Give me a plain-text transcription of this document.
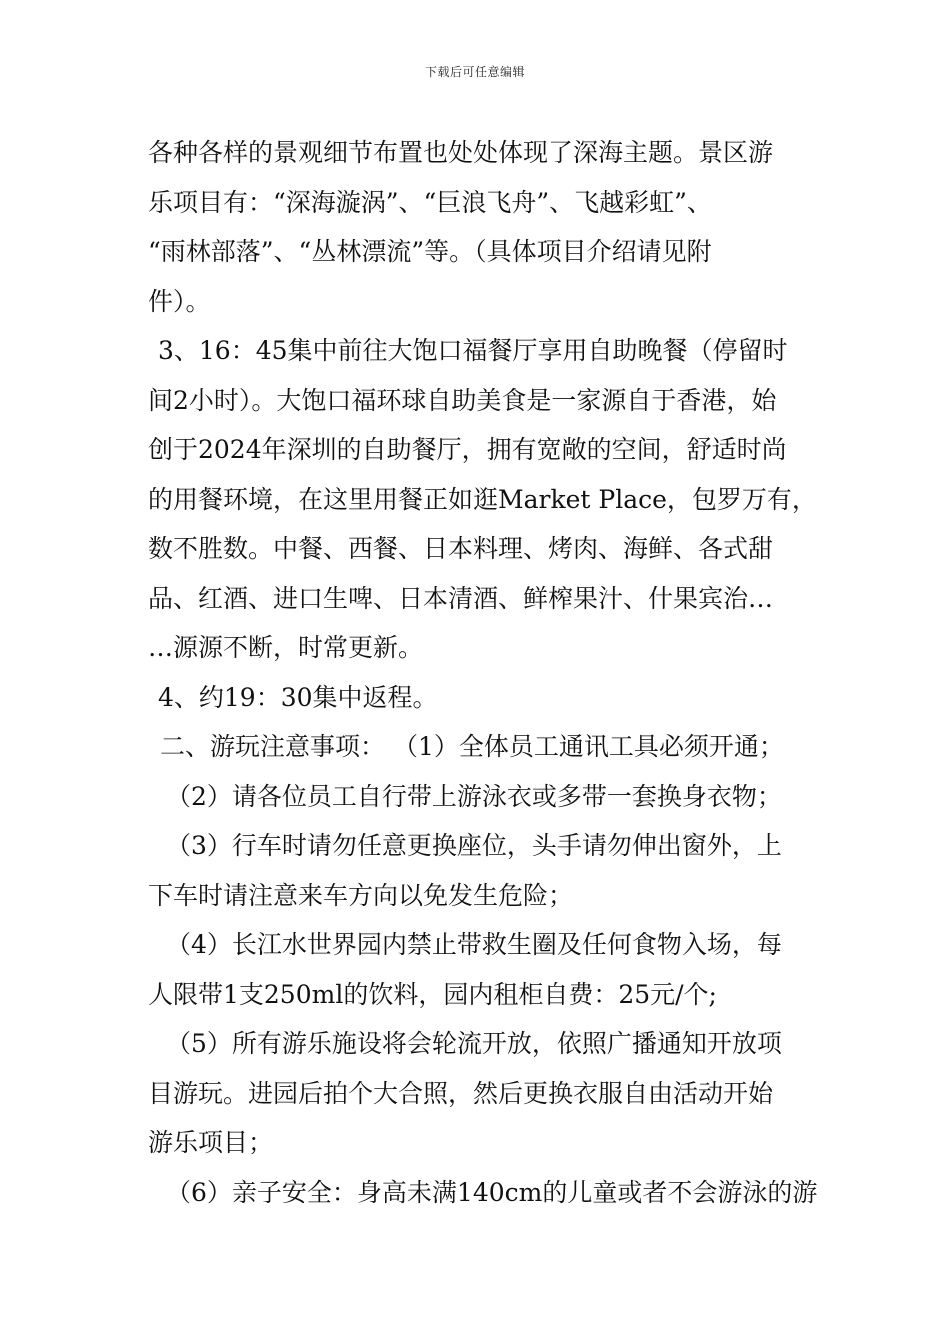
下载后可任意编辑
各种各样的景观细节布置也处处体现了深海主题。景区游
乐项目有：“深海漩涡”、“巨浪飞舟”、飞越彩虹”、
“雨林部落”、“丛林漂流”等。（具体项目介绍请见附
件）。
3、16：45集中前往大饱口福餐厅享用自助晚餐（停留时
间2小时）。大饱口福环球自助美食是一家源自于香港，始
创于2024年深圳的自助餐厅，拥有宽敞的空间，舒适时尚
的用餐环境，在这里用餐正如逛Market Place，包罗万有，
数不胜数。中餐、西餐、日本料理、烤肉、海鲜、各式甜
品、红酒、进口生啤、日本清酒、鲜榨果汁、什果宾治…
…源源不断，时常更新。
4、约19：30集中返程。
二、游玩注意事项： （1）全体员工通讯工具必须开通；
（2）请各位员工自行带上游泳衣或多带一套换身衣物；
（3）行车时请勿任意更换座位，头手请勿伸出窗外，上
下车时请注意来车方向以免发生危险；
（4）长江水世界园内禁止带救生圈及任何食物入场，每
人限带1支250ml的饮料，园内租柜自费：25元/个;
（5）所有游乐施设将会轮流开放，依照广播通知开放项
目游玩。进园后拍个大合照，然后更换衣服自由活动开始
游乐项目；
（6）亲子安全：身高未满140cm的儿童或者不会游泳的游
